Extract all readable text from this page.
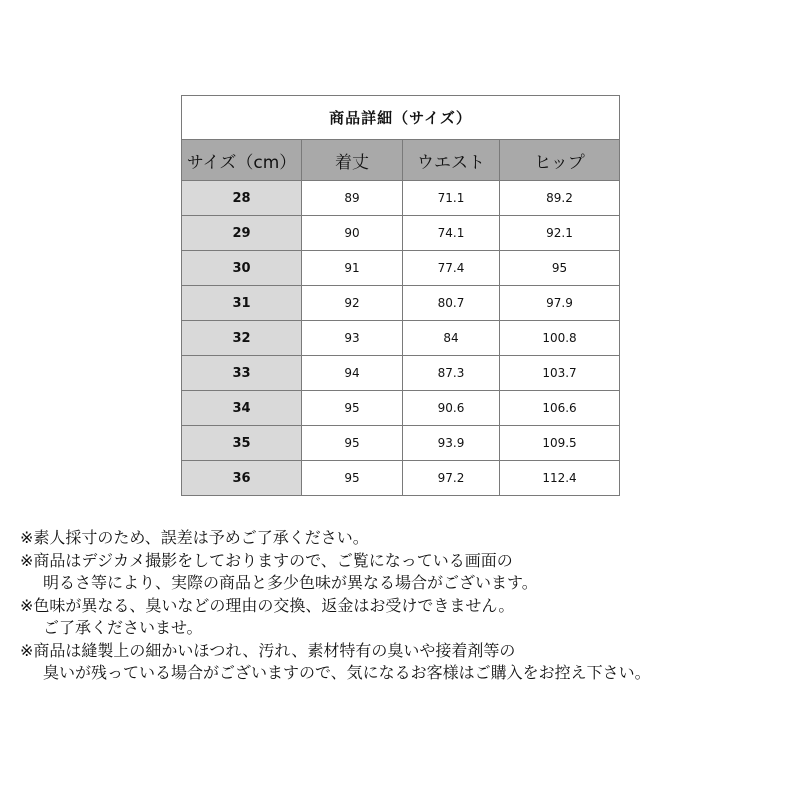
商品詳細（サイズ）			
サイズ（cm）	着丈	ウエスト	ヒップ
28	89	71.1	89.2
29	90	74.1	92.1
30	91	77.4	95
31	92	80.7	97.9
32	93	84	100.8
33	94	87.3	103.7
34	95	90.6	106.6
35	95	93.9	109.5
36	95	97.2	112.4

※素人採寸のため、誤差は予めご了承ください。

※商品はデジカメ撮影をしておりますので、ご覧になっている画面の

明るさ等により、実際の商品と多少色味が異なる場合がございます。

※色味が異なる、臭いなどの理由の交換、返金はお受けできません。

ご了承くださいませ。

※商品は縫製上の細かいほつれ、汚れ、素材特有の臭いや接着剤等の

臭いが残っている場合がございますので、気になるお客様はご購入をお控え下さい。
